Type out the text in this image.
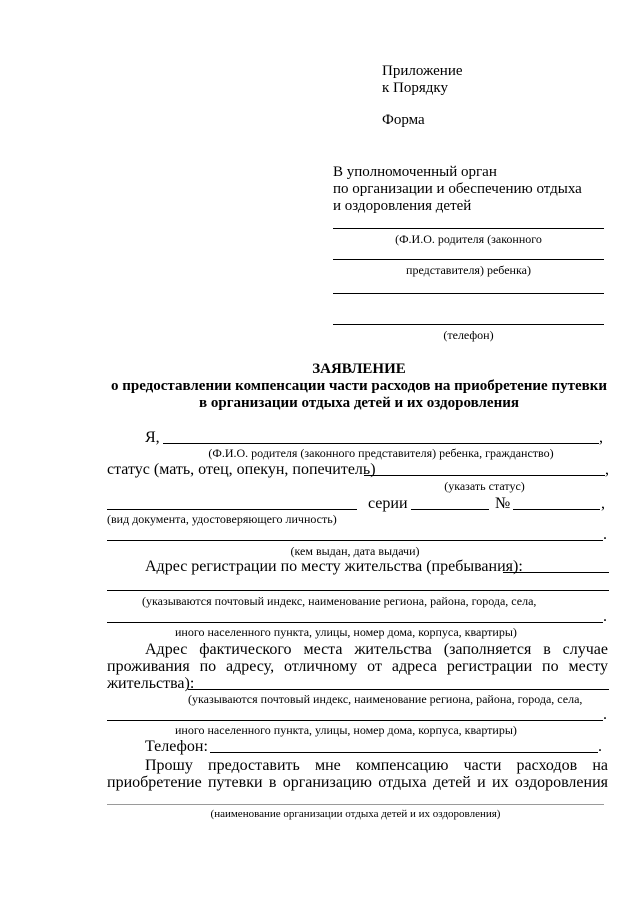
Приложение
к Порядку
Форма
В уполномоченный орган
по организации и обеспечению отдыха
и оздоровления детей
(Ф.И.О. родителя (законного
представителя) ребенка)
(телефон)
ЗАЯВЛЕНИЕ
о предоставлении компенсации части расходов на приобретение путевки
в организации отдыха детей и их оздоровления
Я,	,
(Ф.И.О. родителя (законного представителя) ребенка, гражданство)
статус (мать, отец, опекун, попечитель)	,
(указать статус)
серии	№	,
(вид документа, удостоверяющего личность)
.
(кем выдан, дата выдачи)
Адрес регистрации по месту жительства (пребывания):
(указываются почтовый индекс, наименование региона, района, города, села,
.
иного населенного пункта, улицы, номер дома, корпуса, квартиры)
Адрес фактического места жительства (заполняется в случае
проживания по адресу, отличному от адреса регистрации по месту
жительства):
(указываются почтовый индекс, наименование региона, района, города, села,
.
иного населенного пункта, улицы, номер дома, корпуса, квартиры)
Телефон:	.
Прошу предоставить мне компенсацию части расходов на
приобретение путевки в организацию отдыха детей и их оздоровления
(наименование организации отдыха детей и их оздоровления)
